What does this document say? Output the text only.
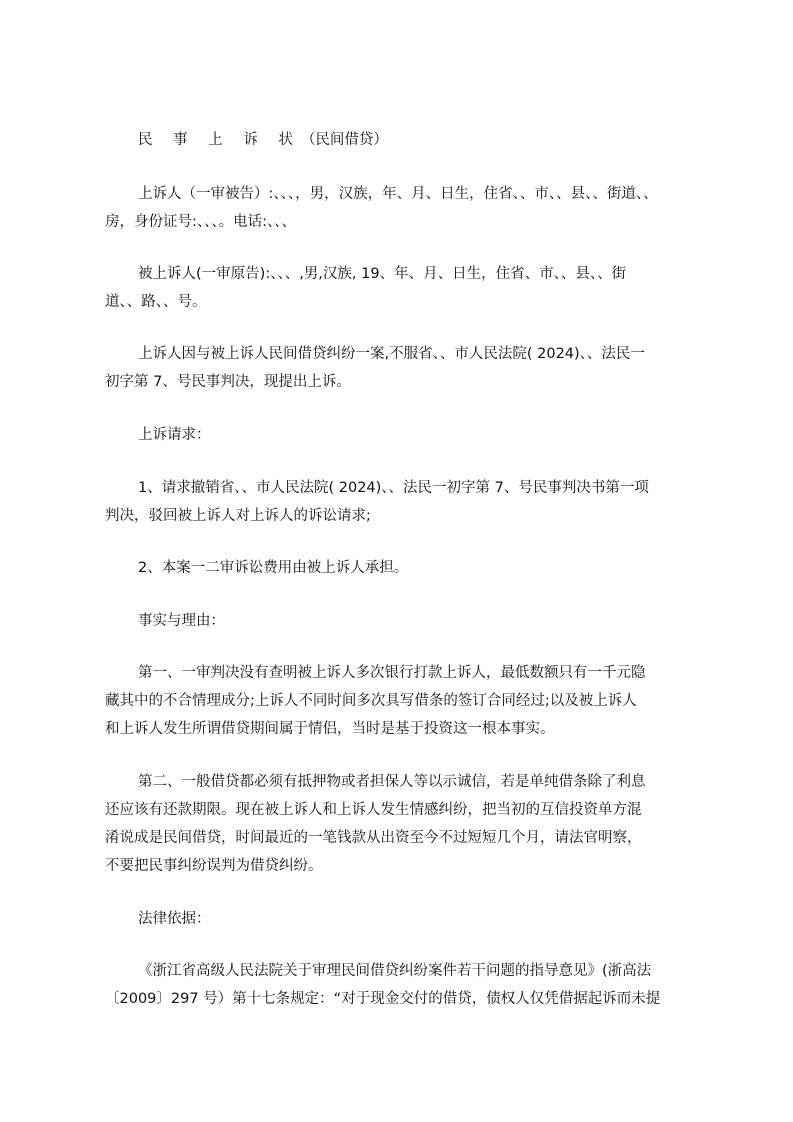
民 事 上 诉 状（民间借贷）
上诉人（一审被告）:、、、，男，汉族，年、月、日生，住省、、市、、县、、街道、、
房，身份证号:、、、。电话:、、、
被上诉人(一审原告):、、、,男,汉族, 19、年、月、日生，住省、市、、县、、街
道、、路、、号。
上诉人因与被上诉人民间借贷纠纷一案,不服省、、市人民法院( 2024)、、法民一
初字第 7、号民事判决，现提出上诉。
上诉请求：
1、请求撤销省、、市人民法院( 2024)、、法民一初字第 7、号民事判决书第一项
判决，驳回被上诉人对上诉人的诉讼请求;
2、本案一二审诉讼费用由被上诉人承担。
事实与理由：
第一、一审判决没有查明被上诉人多次银行打款上诉人，最低数额只有一千元隐
藏其中的不合情理成分;上诉人不同时间多次具写借条的签订合同经过;以及被上诉人
和上诉人发生所谓借贷期间属于情侣，当时是基于投资这一根本事实。
第二、一般借贷都必须有抵押物或者担保人等以示诚信，若是单纯借条除了利息
还应该有还款期限。现在被上诉人和上诉人发生情感纠纷，把当初的互信投资单方混
淆说成是民间借贷，时间最近的一笔钱款从出资至今不过短短几个月，请法官明察，
不要把民事纠纷误判为借贷纠纷。
法律依据：
《浙江省高级人民法院关于审理民间借贷纠纷案件若干问题的指导意见》(浙高法
〔2009〕297 号）第十七条规定：“对于现金交付的借贷，债权人仅凭借据起诉而未提
